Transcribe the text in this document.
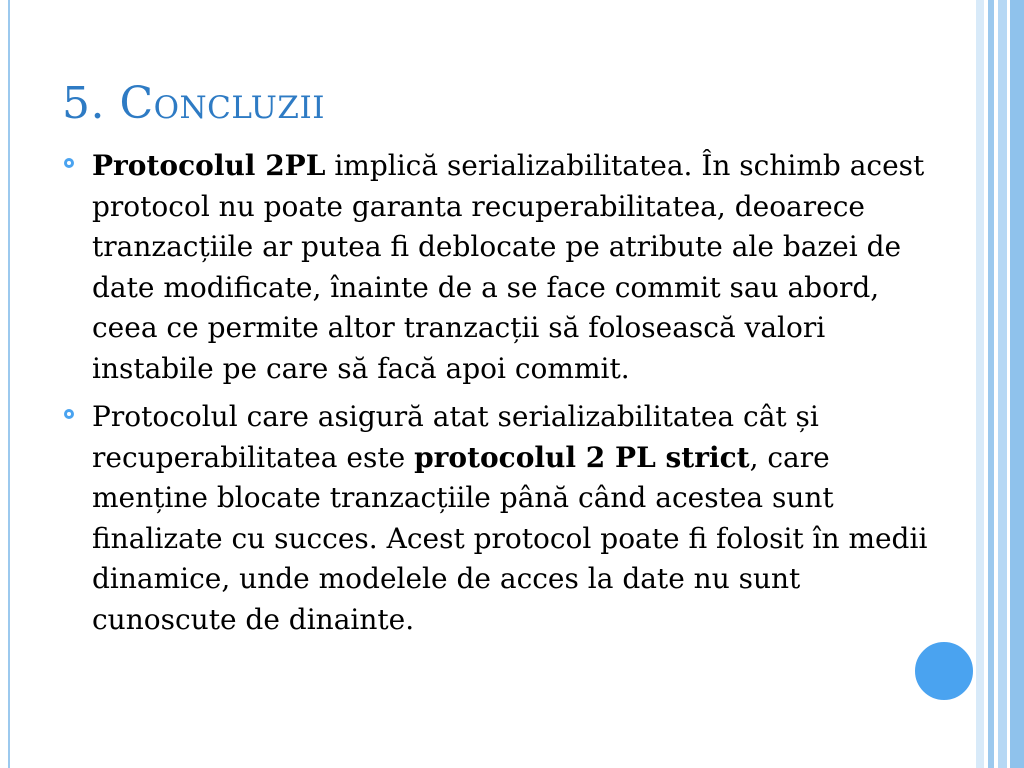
5. Concluzii

Protocolul 2PL implică serializabilitatea. În schimb acest protocol nu poate garanta recuperabilitatea, deoarece tranzacțiile ar putea fi deblocate pe atribute ale bazei de date modificate, înainte de a se face commit sau abord, ceea ce permite altor tranzacții să folosească valori instabile pe care să facă apoi commit.

Protocolul care asigură atat serializabilitatea cât și recuperabilitatea este protocolul 2 PL strict, care menține blocate tranzacțiile până când acestea sunt finalizate cu succes. Acest protocol poate fi folosit în medii dinamice, unde modelele de acces la date nu sunt cunoscute de dinainte.
